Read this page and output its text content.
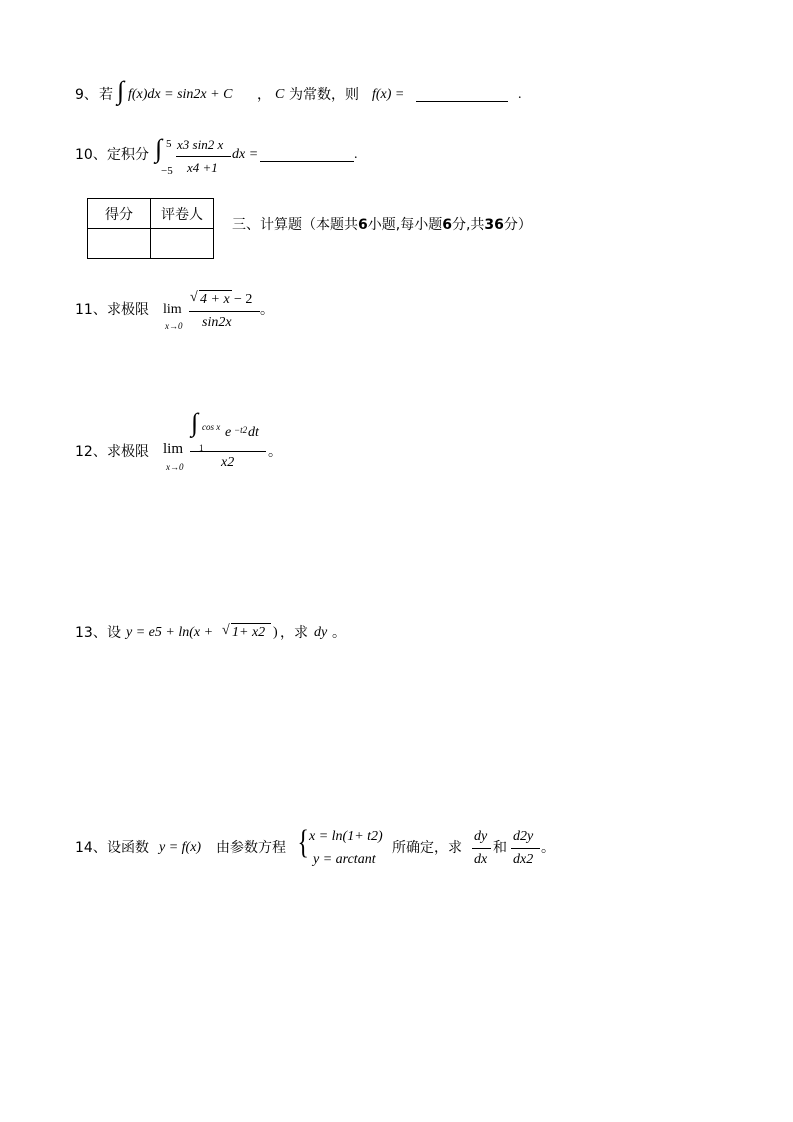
9、 若 ∫ f(x)dx = sin2x + C ， C 为常数，则 f(x) =	.
10、 定积分 ∫ 5
−5
x3 sin2 x
x4 +1
dx =	.
得分	评卷人

三、计算题（本题共6小题,每小题6分,共36分）
11、 求极限 lim
x→0
√ 4 + x − 2
sin2x
。
12、 求极限 lim
x→0
∫ cos x
1
e −t2 dt
x2
。
13、 设 y = e5 + ln(x + √ 1+ x2 ) ，求 dy 。
14、 设函数 y = f(x) 由参数方程 { x = ln(1+ t2)
y = arctant
所确定，求
dy
dx
和
d2y
dx2
。
